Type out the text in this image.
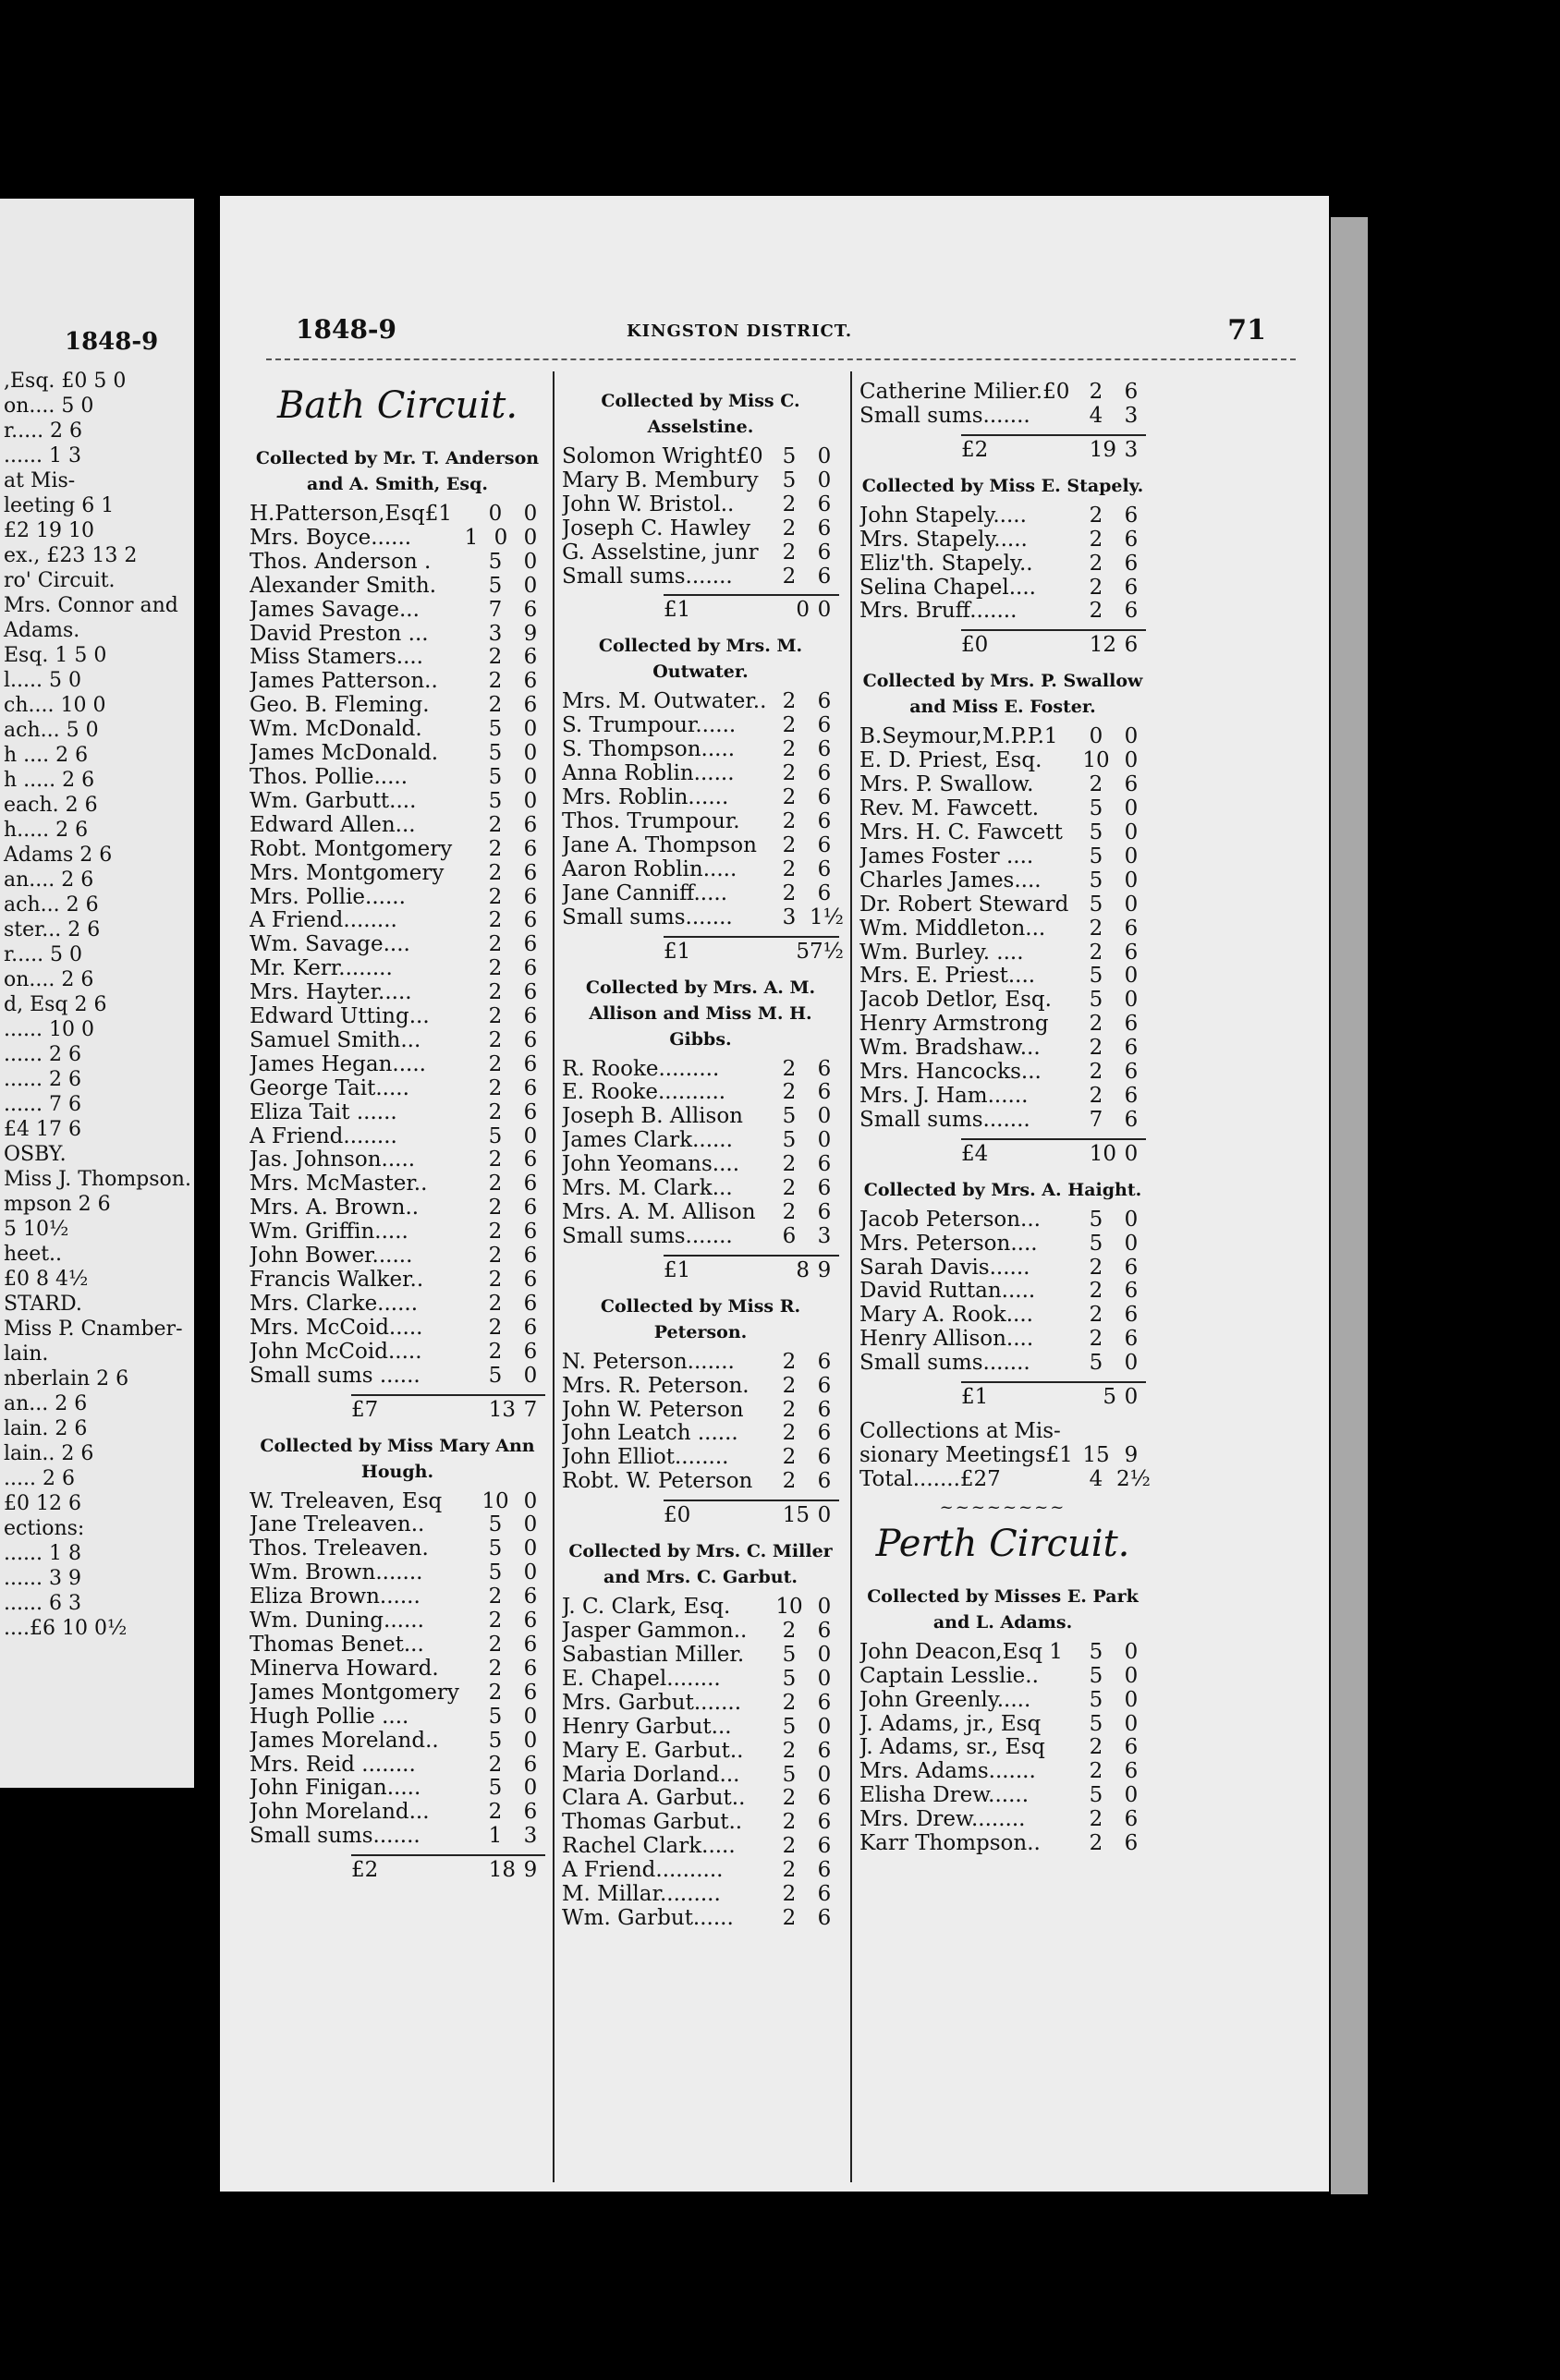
1848-9
,Esq. £0 5 0
on.... 5 0
r..... 2 6
...... 1 3
at Mis-
leeting 6 1
£2 19 10
ex., £23 13 2
ro' Circuit.
Mrs. Connor and
Adams.
Esq. 1 5 0
l..... 5 0
ch.... 10 0
ach... 5 0
h .... 2 6
h ..... 2 6
each. 2 6
h..... 2 6
Adams 2 6
an.... 2 6
ach... 2 6
ster... 2 6
r..... 5 0
on.... 2 6
d, Esq 2 6
...... 10 0
...... 2 6
...... 2 6
...... 7 6
£4 17 6
OSBY.
Miss J. Thompson.
mpson 2 6
5 10½
heet..
£0 8 4½
STARD.
Miss P. Cnamber-
lain.
nberlain 2 6
an... 2 6
lain. 2 6
lain.. 2 6
..... 2 6
£0 12 6
ections:
...... 1 8
...... 3 9
...... 6 3
....£6 10 0½
1848-9	KINGSTON DISTRICT.	71
Bath Circuit.
Collected by Mr. T. Anderson and A. Smith, Esq.
H.Patterson,Esq£1	0	0
Mrs. Boyce......	1 0 0
Thos. Anderson .	5	0
Alexander Smith.	5	0
James Savage...	7	6
David Preston ...	3	9
Miss Stamers....	2	6
James Patterson..	2	6
Geo. B. Fleming.	2	6
Wm. McDonald.	5	0
James McDonald.	5	0
Thos. Pollie.....	5	0
Wm. Garbutt....	5	0
Edward Allen...	2	6
Robt. Montgomery	2	6
Mrs. Montgomery	2	6
Mrs. Pollie......	2	6
A Friend........	2	6
Wm. Savage....	2	6
Mr. Kerr........	2	6
Mrs. Hayter.....	2	6
Edward Utting...	2	6
Samuel Smith...	2	6
James Hegan.....	2	6
George Tait.....	2	6
Eliza Tait ......	2	6
A Friend........	5	0
Jas. Johnson.....	2	6
Mrs. McMaster..	2	6
Mrs. A. Brown..	2	6
Wm. Griffin.....	2	6
John Bower......	2	6
Francis Walker..	2	6
Mrs. Clarke......	2	6
Mrs. McCoid.....	2	6
John McCoid.....	2	6
Small sums ......	5	0
£7	13 7
Collected by Miss Mary Ann Hough.
W. Treleaven, Esq	10 0
Jane Treleaven..	5	0
Thos. Treleaven.	5	0
Wm. Brown.......	5	0
Eliza Brown......	2	6
Wm. Duning......	2	6
Thomas Benet...	2	6
Minerva Howard.	2	6
James Montgomery	2	6
Hugh Pollie ....	5	0
James Moreland..	5	0
Mrs. Reid ........	2	6
John Finigan.....	5	0
John Moreland...	2	6
Small sums.......	1	3
£2	18 9
Collected by Miss C. Asselstine.
Solomon Wright£0 5	0
Mary B. Membury	5	0
John W. Bristol..	2	6
Joseph C. Hawley	2	6
G. Asselstine, junr	2	6
Small sums.......	2	6
£1	0 0
Collected by Mrs. M. Outwater.
Mrs. M. Outwater.. 2	6
S. Trumpour......	2	6
S. Thompson.....	2	6
Anna Roblin......	2	6
Mrs. Roblin......	2	6
Thos. Trumpour.	2	6
Jane A. Thompson	2	6
Aaron Roblin.....	2	6
Jane Canniff.....	2	6
Small sums.......	3 1½
£1	5 7½
Collected by Mrs. A. M. Allison and Miss M. H. Gibbs.
R. Rooke.........	2	6
E. Rooke..........	2	6
Joseph B. Allison	5	0
James Clark......	5	0
John Yeomans....	2	6
Mrs. M. Clark...	2	6
Mrs. A. M. Allison	2	6
Small sums.......	6	3
£1	8 9
Collected by Miss R. Peterson.
N. Peterson.......	2	6
Mrs. R. Peterson.	2	6
John W. Peterson	2	6
John Leatch ......	2	6
John Elliot........	2	6
Robt. W. Peterson	2	6
£0	15 0
Collected by Mrs. C. Miller and Mrs. C. Garbut.
J. C. Clark, Esq.	10 0
Jasper Gammon..	2	6
Sabastian Miller.	5	0
E. Chapel........	5	0
Mrs. Garbut.......	2	6
Henry Garbut...	5	0
Mary E. Garbut..	2	6
Maria Dorland...	5	0
Clara A. Garbut..	2	6
Thomas Garbut..	2	6
Rachel Clark.....	2	6
A Friend..........	2	6
M. Millar.........	2	6
Wm. Garbut......	2	6
Catherine Milier.£0 2	6
Small sums.......	4	3
£2	19 3
Collected by Miss E. Stapely.
John Stapely.....	2	6
Mrs. Stapely.....	2	6
Eliz'th. Stapely..	2	6
Selina Chapel....	2	6
Mrs. Bruff.......	2	6
£0	12 6
Collected by Mrs. P. Swallow and Miss E. Foster.
B.Seymour,M.P.P.1	0	0
E. D. Priest, Esq.	10 0
Mrs. P. Swallow.	2	6
Rev. M. Fawcett.	5	0
Mrs. H. C. Fawcett	5	0
James Foster ....	5	0
Charles James....	5	0
Dr. Robert Steward 5	0
Wm. Middleton...	2	6
Wm. Burley. ....	2	6
Mrs. E. Priest....	5	0
Jacob Detlor, Esq.	5	0
Henry Armstrong	2	6
Wm. Bradshaw...	2	6
Mrs. Hancocks...	2	6
Mrs. J. Ham......	2	6
Small sums.......	7	6
£4	10 0
Collected by Mrs. A. Haight.
Jacob Peterson...	5	0
Mrs. Peterson....	5	0
Sarah Davis......	2	6
David Ruttan.....	2	6
Mary A. Rook....	2	6
Henry Allison....	2	6
Small sums.......	5	0
£1	5 0
Collections at Mis-
sionary Meetings£1 15 9
Total.......£27	4 2½
~~~~~~~~
Perth Circuit.
Collected by Misses E. Park and L. Adams.
John Deacon,Esq 1	5	0
Captain Lesslie..	5	0
John Greenly.....	5	0
J. Adams, jr., Esq	5	0
J. Adams, sr., Esq	2	6
Mrs. Adams.......	2	6
Elisha Drew......	5	0
Mrs. Drew........	2	6
Karr Thompson..	2	6
